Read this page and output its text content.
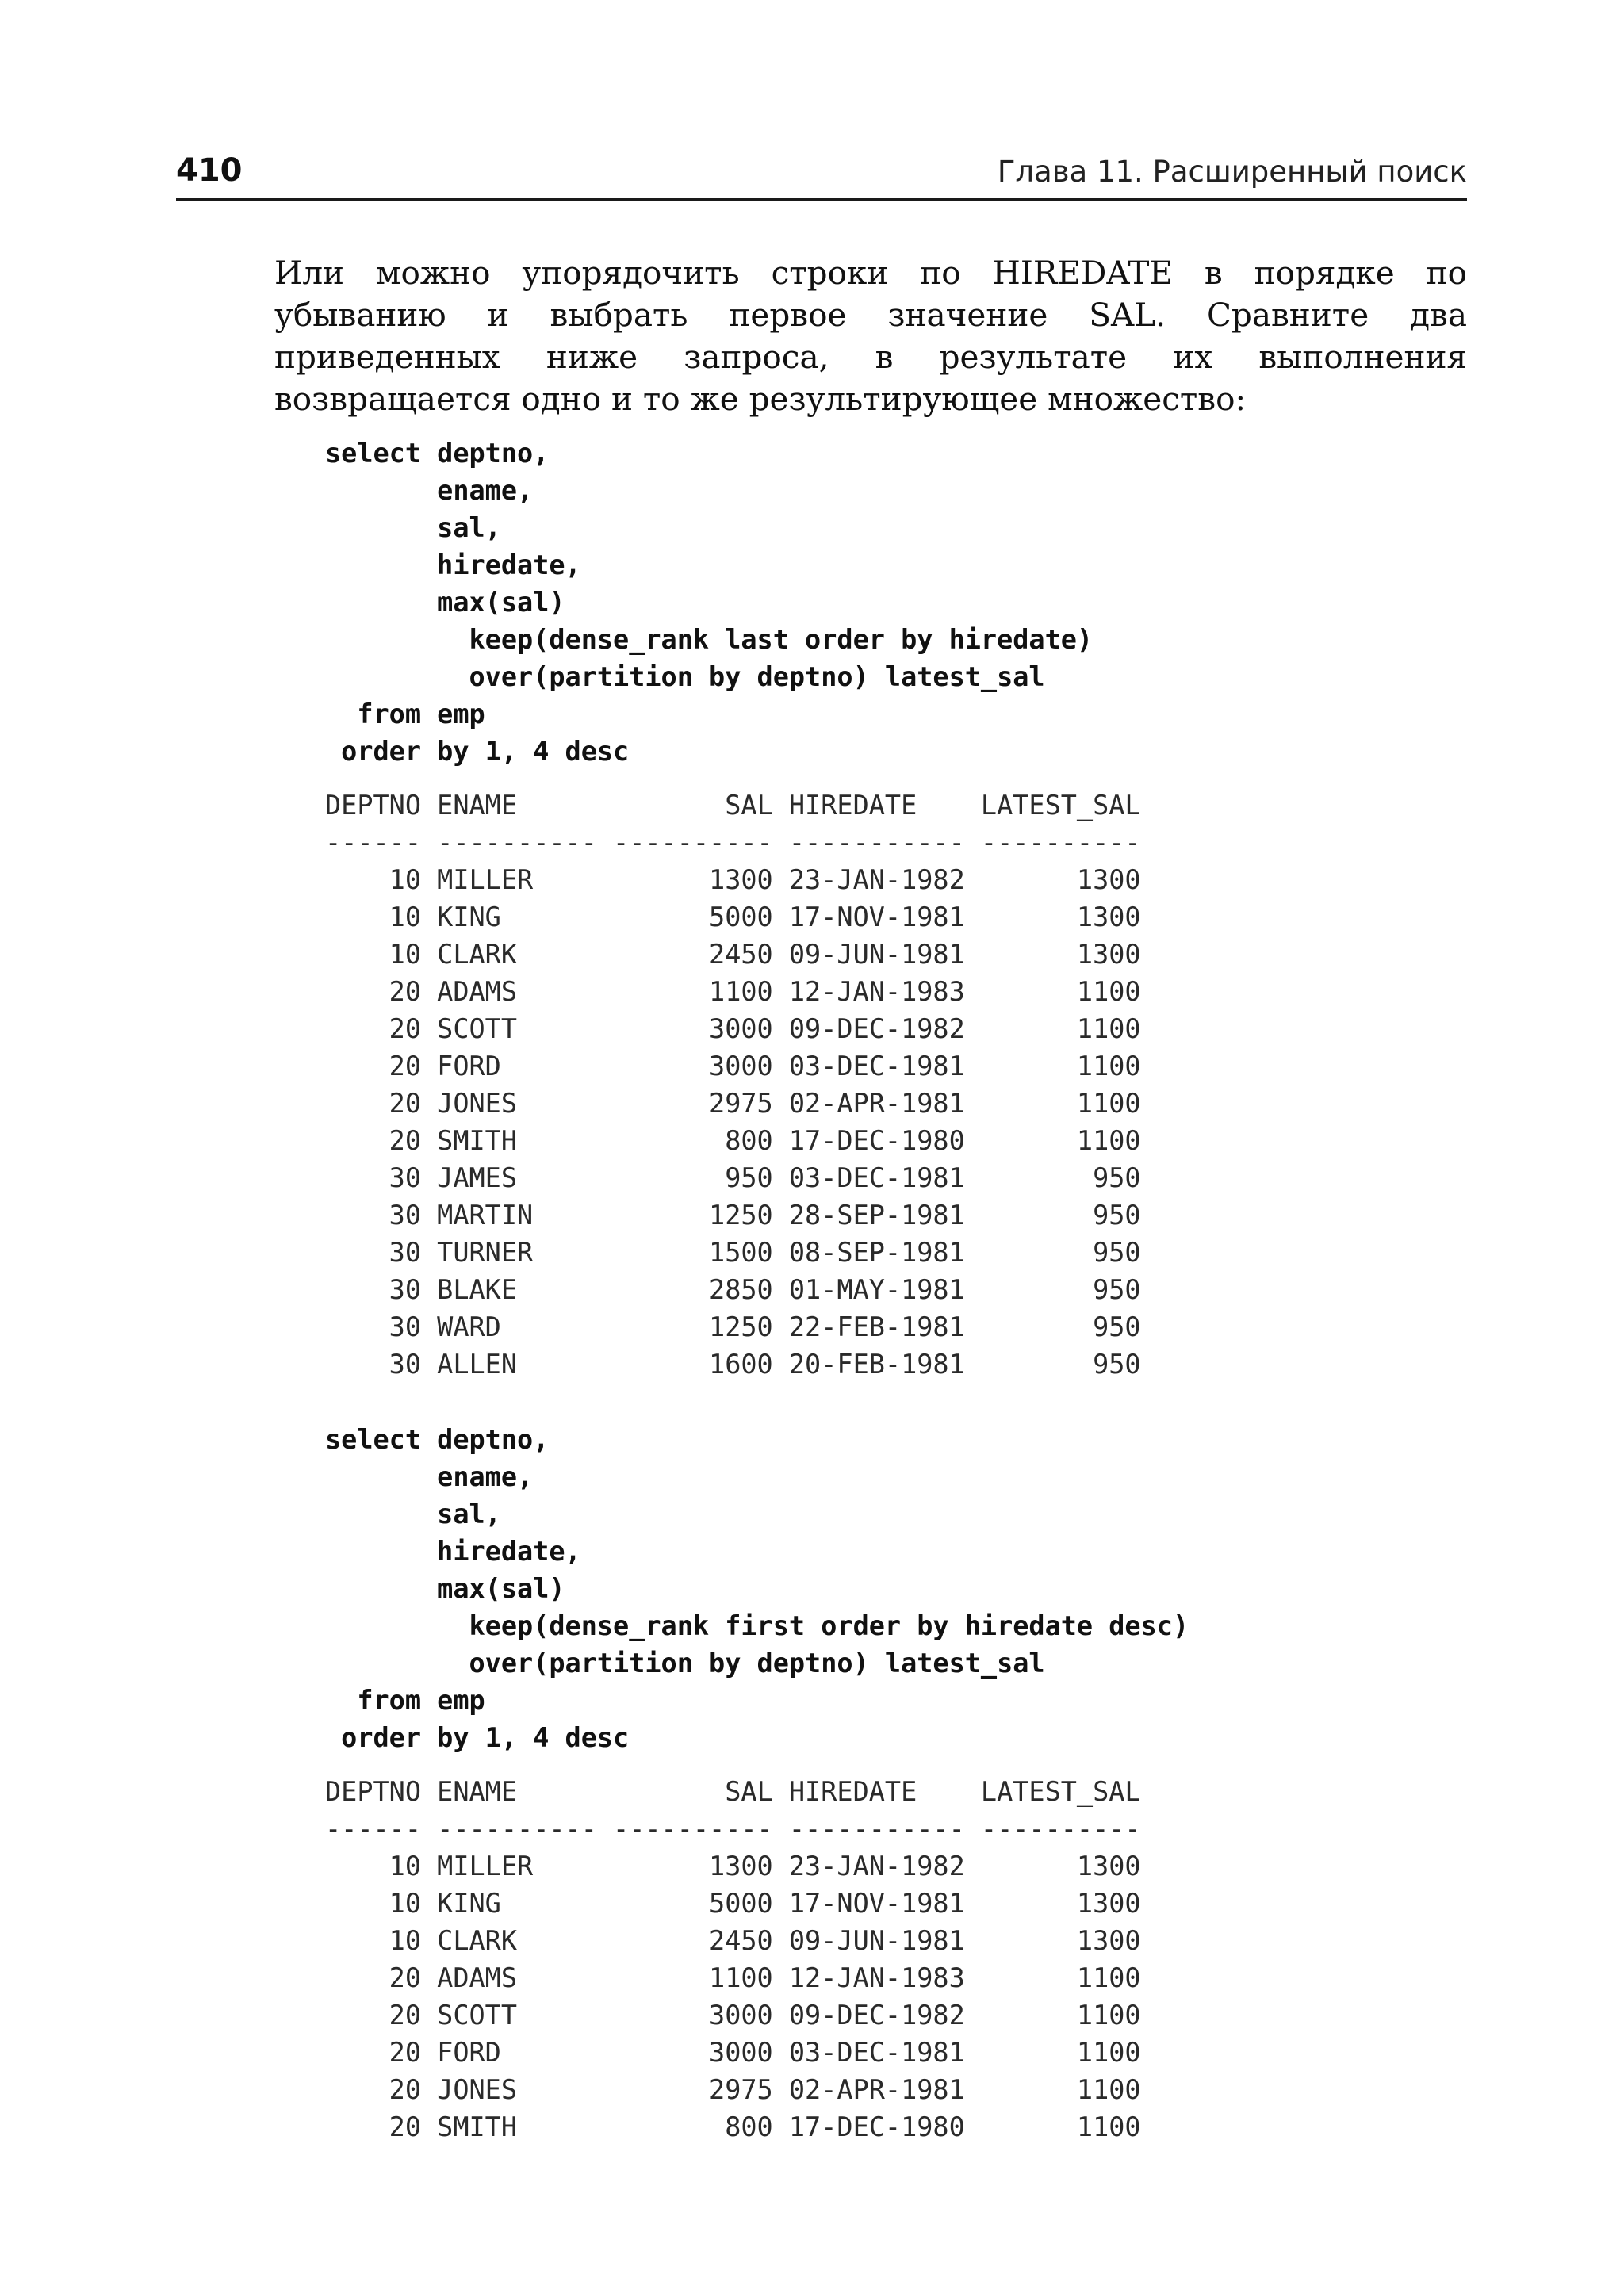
410	Глава 11. Расширенный поиск

Или можно упорядочить строки по HIREDATE в порядке по убыванию и выбрать первое значение SAL. Сравните два приведенных ниже запроса, в результате их выполнения возвращается одно и то же результирующее множество:

select deptno,
ename,
sal,
hiredate,
max(sal)
keep(dense_rank last order by hiredate)
over(partition by deptno) latest_sal
from emp
order by 1, 4 desc
DEPTNO ENAME             SAL HIREDATE    LATEST_SAL
------ ---------- ---------- ----------- ----------
10 MILLER           1300 23-JAN-1982       1300
10 KING             5000 17-NOV-1981       1300
10 CLARK            2450 09-JUN-1981       1300
20 ADAMS            1100 12-JAN-1983       1100
20 SCOTT            3000 09-DEC-1982       1100
20 FORD             3000 03-DEC-1981       1100
20 JONES            2975 02-APR-1981       1100
20 SMITH             800 17-DEC-1980       1100
30 JAMES             950 03-DEC-1981        950
30 MARTIN           1250 28-SEP-1981        950
30 TURNER           1500 08-SEP-1981        950
30 BLAKE            2850 01-MAY-1981        950
30 WARD             1250 22-FEB-1981        950
30 ALLEN            1600 20-FEB-1981        950
select deptno,
ename,
sal,
hiredate,
max(sal)
keep(dense_rank first order by hiredate desc)
over(partition by deptno) latest_sal
from emp
order by 1, 4 desc
DEPTNO ENAME             SAL HIREDATE    LATEST_SAL
------ ---------- ---------- ----------- ----------
10 MILLER           1300 23-JAN-1982       1300
10 KING             5000 17-NOV-1981       1300
10 CLARK            2450 09-JUN-1981       1300
20 ADAMS            1100 12-JAN-1983       1100
20 SCOTT            3000 09-DEC-1982       1100
20 FORD             3000 03-DEC-1981       1100
20 JONES            2975 02-APR-1981       1100
20 SMITH             800 17-DEC-1980       1100
